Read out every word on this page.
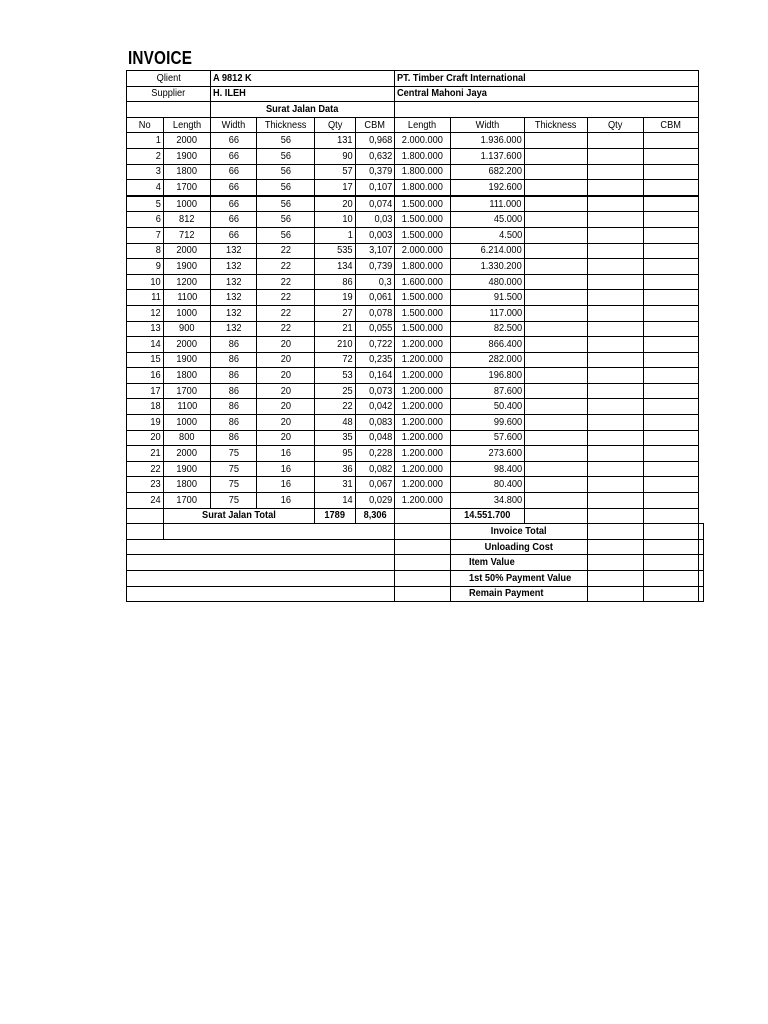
INVOICE
Qlient		A 9812 K				PT. Timber Craft International					
Supplier		H. ILEH				Central Mahoni Jaya					
		Surat Jalan Data									
No	Length	Width	Thickness	Qty	CBM	Length	Width	Thickness	Qty	CBM	
1	2000	66	56	131	0,968	2.000.000	1.936.000				
2	1900	66	56	90	0,632	1.800.000	1.137.600				
3	1800	66	56	57	0,379	1.800.000	682.200				
4	1700	66	56	17	0,107	1.800.000	192.600				
5	1000	66	56	20	0,074	1.500.000	111.000				
6	812	66	56	10	0,03	1.500.000	45.000				
7	712	66	56	1	0,003	1.500.000	4.500				
8	2000	132	22	535	3,107	2.000.000	6.214.000				
9	1900	132	22	134	0,739	1.800.000	1.330.200				
10	1200	132	22	86	0,3	1.600.000	480.000				
11	1100	132	22	19	0,061	1.500.000	91.500				
12	1000	132	22	27	0,078	1.500.000	117.000				
13	900	132	22	21	0,055	1.500.000	82.500				
14	2000	86	20	210	0,722	1.200.000	866.400				
15	1900	86	20	72	0,235	1.200.000	282.000				
16	1800	86	20	53	0,164	1.200.000	196.800				
17	1700	86	20	25	0,073	1.200.000	87.600				
18	1100	86	20	22	0,042	1.200.000	50.400				
19	1000	86	20	48	0,083	1.200.000	99.600				
20	800	86	20	35	0,048	1.200.000	57.600				
21	2000	75	16	95	0,228	1.200.000	273.600				
22	1900	75	16	36	0,082	1.200.000	98.400				
23	1800	75	16	31	0,067	1.200.000	80.400				
24	1700	75	16	14	0,029	1.200.000	34.800				
	Surat Jalan Total			1789	8,306		14.551.700				
							Invoice Total				
							Unloading Cost				
							Item Value				
							1st 50% Payment Value				
							Remain Payment				
